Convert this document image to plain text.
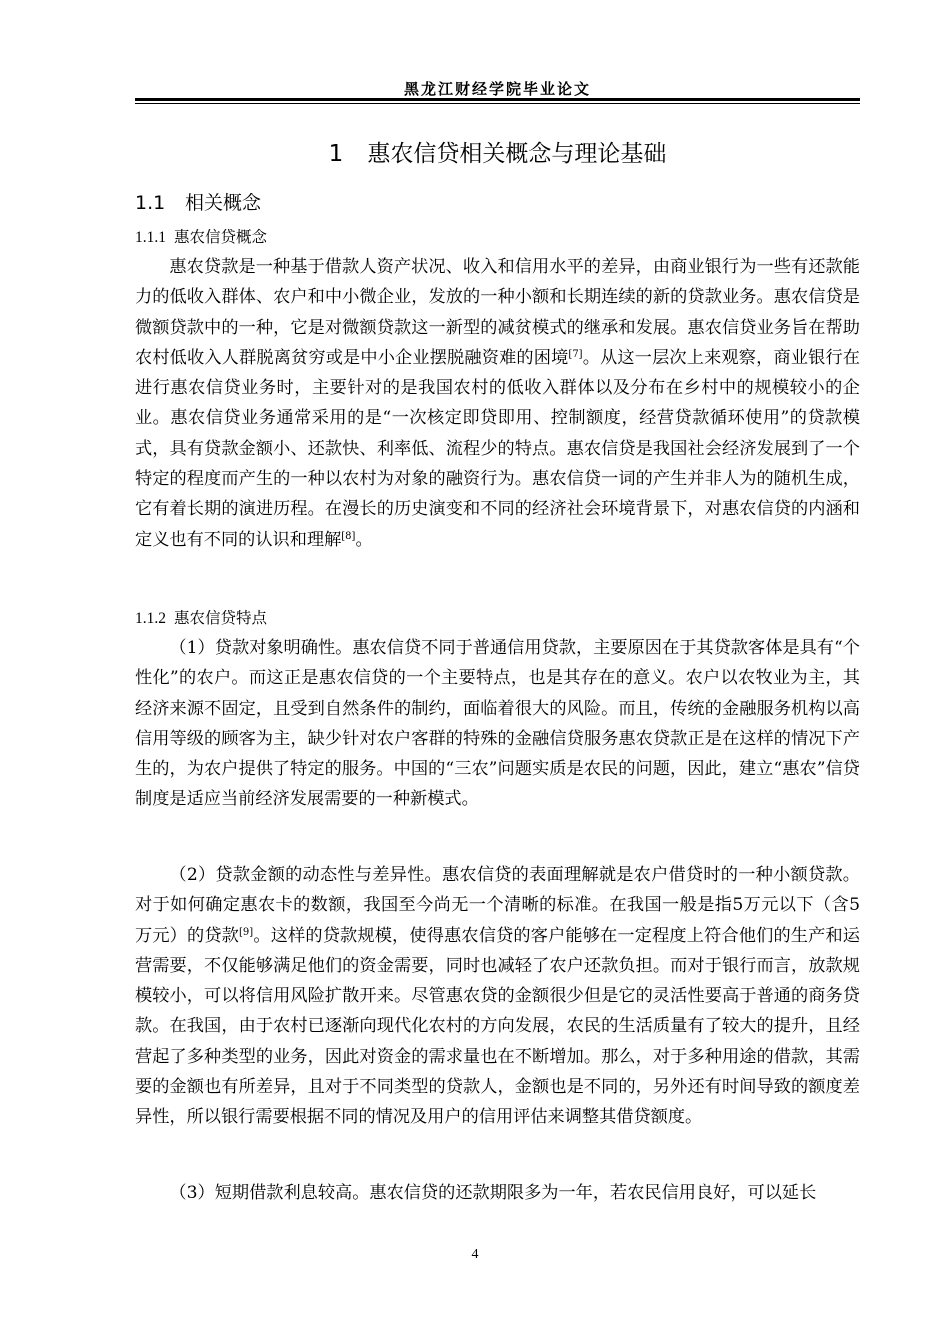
黑龙江财经学院毕业论文
1 惠农信贷相关概念与理论基础
1.1 相关概念
1.1.1 惠农信贷概念

惠农贷款是一种基于借款人资产状况、收入和信用水平的差异，由商业银行为一些有还款能力的低收入群体、农户和中小微企业，发放的一种小额和长期连续的新的贷款业务。惠农信贷是微额贷款中的一种，它是对微额贷款这一新型的减贫模式的继承和发展。惠农信贷业务旨在帮助农村低收入人群脱离贫穷或是中小企业摆脱融资难的困境[7]。从这一层次上来观察，商业银行在进行惠农信贷业务时，主要针对的是我国农村的低收入群体以及分布在乡村中的规模较小的企业。惠农信贷业务通常采用的是“一次核定即贷即用、控制额度，经营贷款循环使用”的贷款模式，具有贷款金额小、还款快、利率低、流程少的特点。惠农信贷是我国社会经济发展到了一个特定的程度而产生的一种以农村为对象的融资行为。惠农信贷一词的产生并非人为的随机生成，它有着长期的演进历程。在漫长的历史演变和不同的经济社会环境背景下，对惠农信贷的内涵和定义也有不同的认识和理解[8]。

1.1.2 惠农信贷特点

（1）贷款对象明确性。惠农信贷不同于普通信用贷款，主要原因在于其贷款客体是具有“个性化”的农户。而这正是惠农信贷的一个主要特点，也是其存在的意义。农户以农牧业为主，其经济来源不固定，且受到自然条件的制约，面临着很大的风险。而且，传统的金融服务机构以高信用等级的顾客为主，缺少针对农户客群的特殊的金融信贷服务惠农贷款正是在这样的情况下产生的，为农户提供了特定的服务。中国的“三农”问题实质是农民的问题，因此，建立“惠农”信贷制度是适应当前经济发展需要的一种新模式。

（2）贷款金额的动态性与差异性。惠农信贷的表面理解就是农户借贷时的一种小额贷款。对于如何确定惠农卡的数额，我国至今尚无一个清晰的标准。在我国一般是指5万元以下（含5万元）的贷款[9]。这样的贷款规模，使得惠农信贷的客户能够在一定程度上符合他们的生产和运营需要，不仅能够满足他们的资金需要，同时也减轻了农户还款负担。而对于银行而言，放款规模较小，可以将信用风险扩散开来。尽管惠农贷的金额很少但是它的灵活性要高于普通的商务贷款。在我国，由于农村已逐渐向现代化农村的方向发展，农民的生活质量有了较大的提升，且经营起了多种类型的业务，因此对资金的需求量也在不断增加。那么，对于多种用途的借款，其需要的金额也有所差异，且对于不同类型的贷款人，金额也是不同的，另外还有时间导致的额度差异性，所以银行需要根据不同的情况及用户的信用评估来调整其借贷额度。

（3）短期借款利息较高。惠农信贷的还款期限多为一年，若农民信用良好，可以延长

4
